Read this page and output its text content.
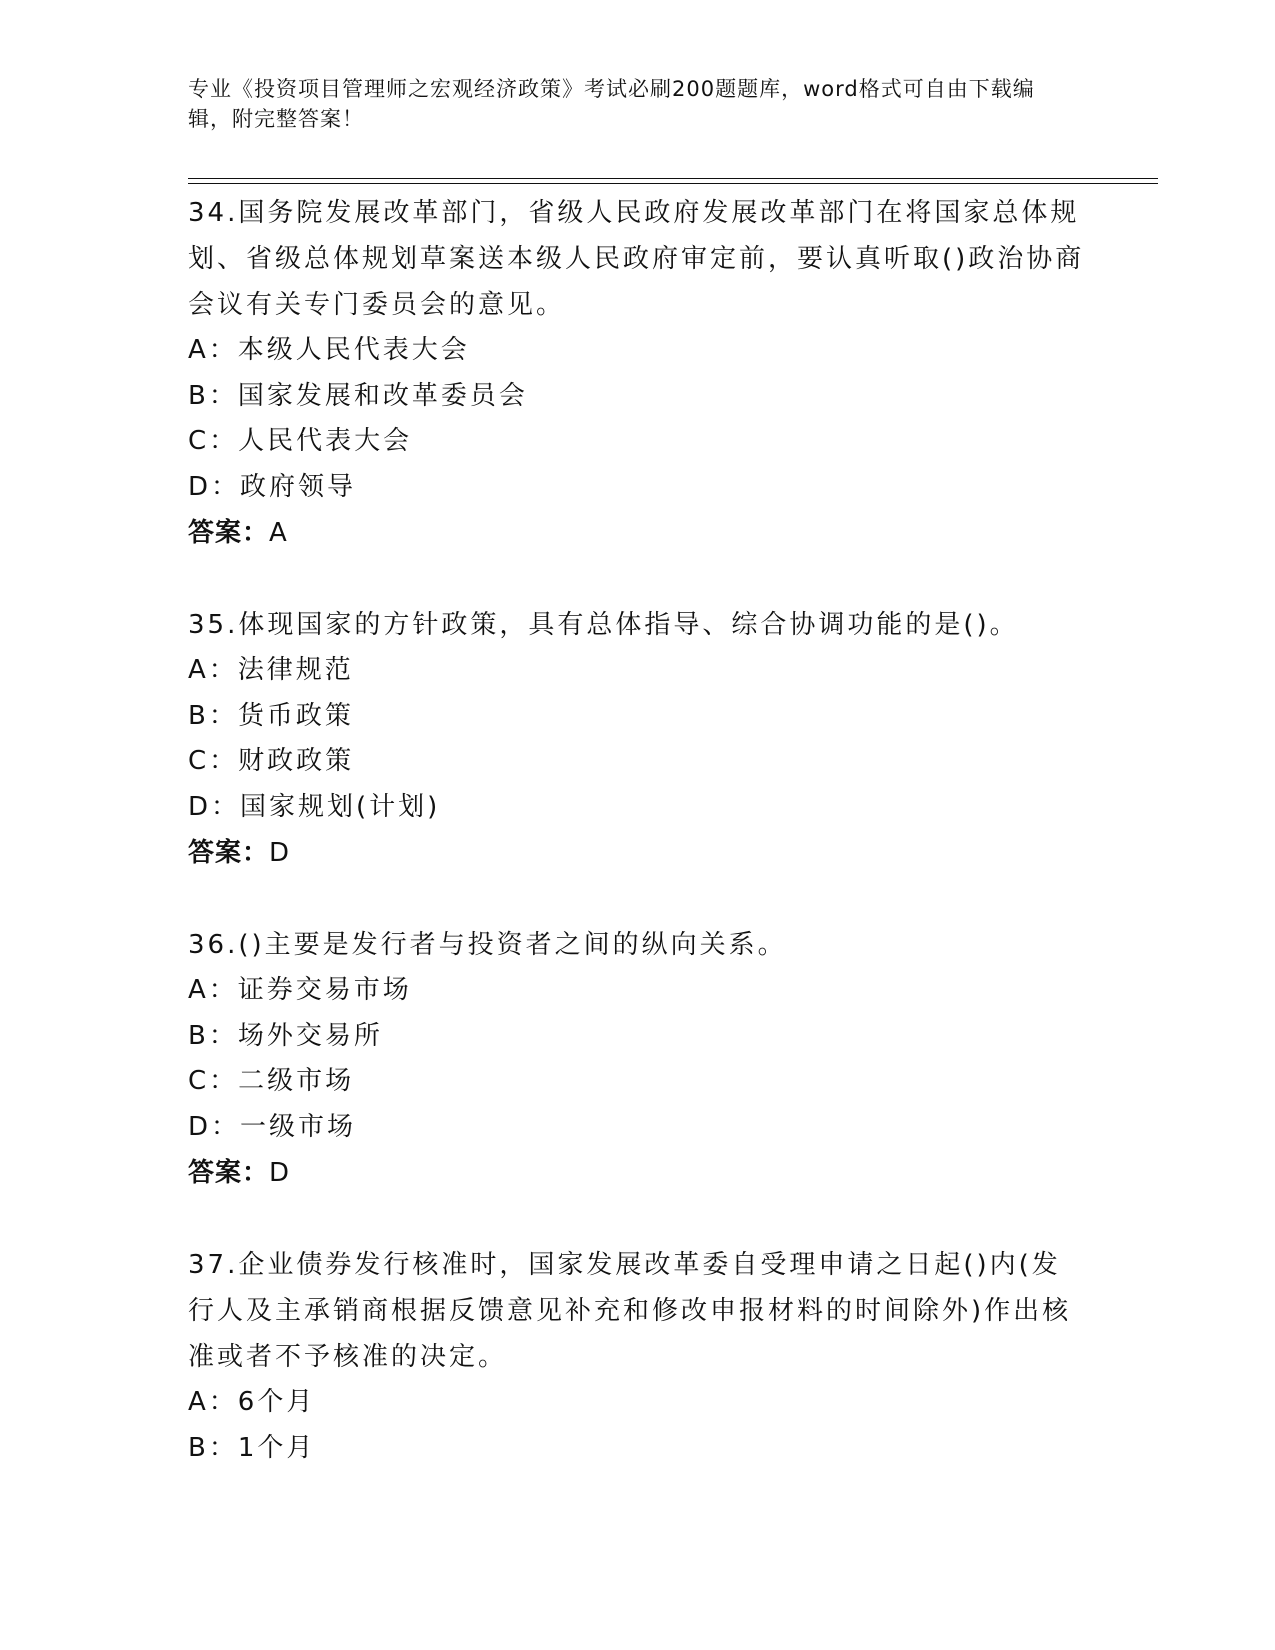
专业《投资项目管理师之宏观经济政策》考试必刷200题题库，word格式可自由下载编辑，附完整答案！

34.国务院发展改革部门，省级人民政府发展改革部门在将国家总体规划、省级总体规划草案送本级人民政府审定前，要认真听取()政治协商会议有关专门委员会的意见。

A：本级人民代表大会

B：国家发展和改革委员会

C：人民代表大会

D：政府领导

答案：A

35.体现国家的方针政策，具有总体指导、综合协调功能的是()。

A：法律规范

B：货币政策

C：财政政策

D：国家规划(计划)

答案：D

36.()主要是发行者与投资者之间的纵向关系。

A：证券交易市场

B：场外交易所

C：二级市场

D：一级市场

答案：D

37.企业债券发行核准时，国家发展改革委自受理申请之日起()内(发行人及主承销商根据反馈意见补充和修改申报材料的时间除外)作出核准或者不予核准的决定。

A：6个月

B：1个月
